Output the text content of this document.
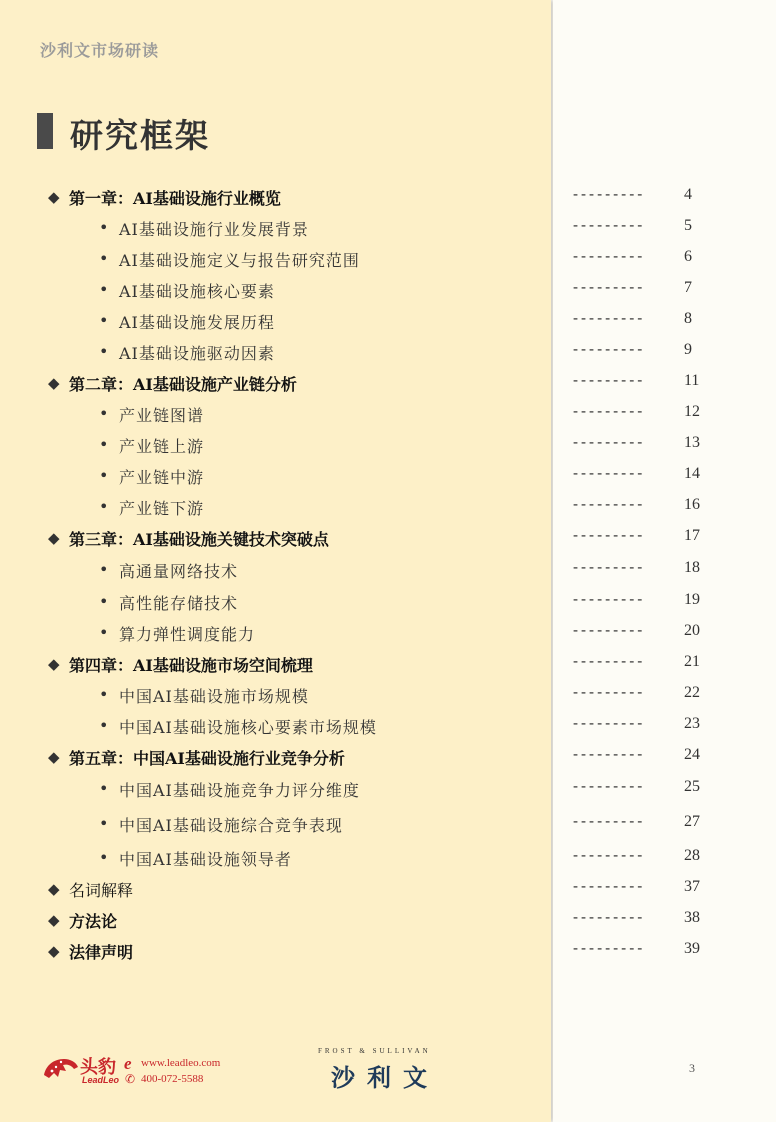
沙利文市场研读
研究框架
◆ 第一章：AI基础设施行业概览	---------	4
• AI基础设施行业发展背景	---------	5
• AI基础设施定义与报告研究范围	---------	6
• AI基础设施核心要素	---------	7
• AI基础设施发展历程	---------	8
• AI基础设施驱动因素	---------	9
◆ 第二章：AI基础设施产业链分析	---------	11
• 产业链图谱	---------	12
• 产业链上游	---------	13
• 产业链中游	---------	14
• 产业链下游	---------	16
◆ 第三章：AI基础设施关键技术突破点	---------	17
• 高通量网络技术	---------	18
• 高性能存储技术	---------	19
• 算力弹性调度能力	---------	20
◆ 第四章：AI基础设施市场空间梳理	---------	21
• 中国AI基础设施市场规模	---------	22
• 中国AI基础设施核心要素市场规模	---------	23
◆ 第五章：中国AI基础设施行业竞争分析	---------	24
• 中国AI基础设施竞争力评分维度	---------	25
• 中国AI基础设施综合竞争表现	---------	27
• 中国AI基础设施领导者	---------	28
◆ 名词解释	---------	37
◆ 方法论	---------	38
◆ 法律声明	---------	39
头豹
LeadLeo
e www.leadleo.com
✆ 400-072-5588
FROST & SULLIVAN
沙利文	3
